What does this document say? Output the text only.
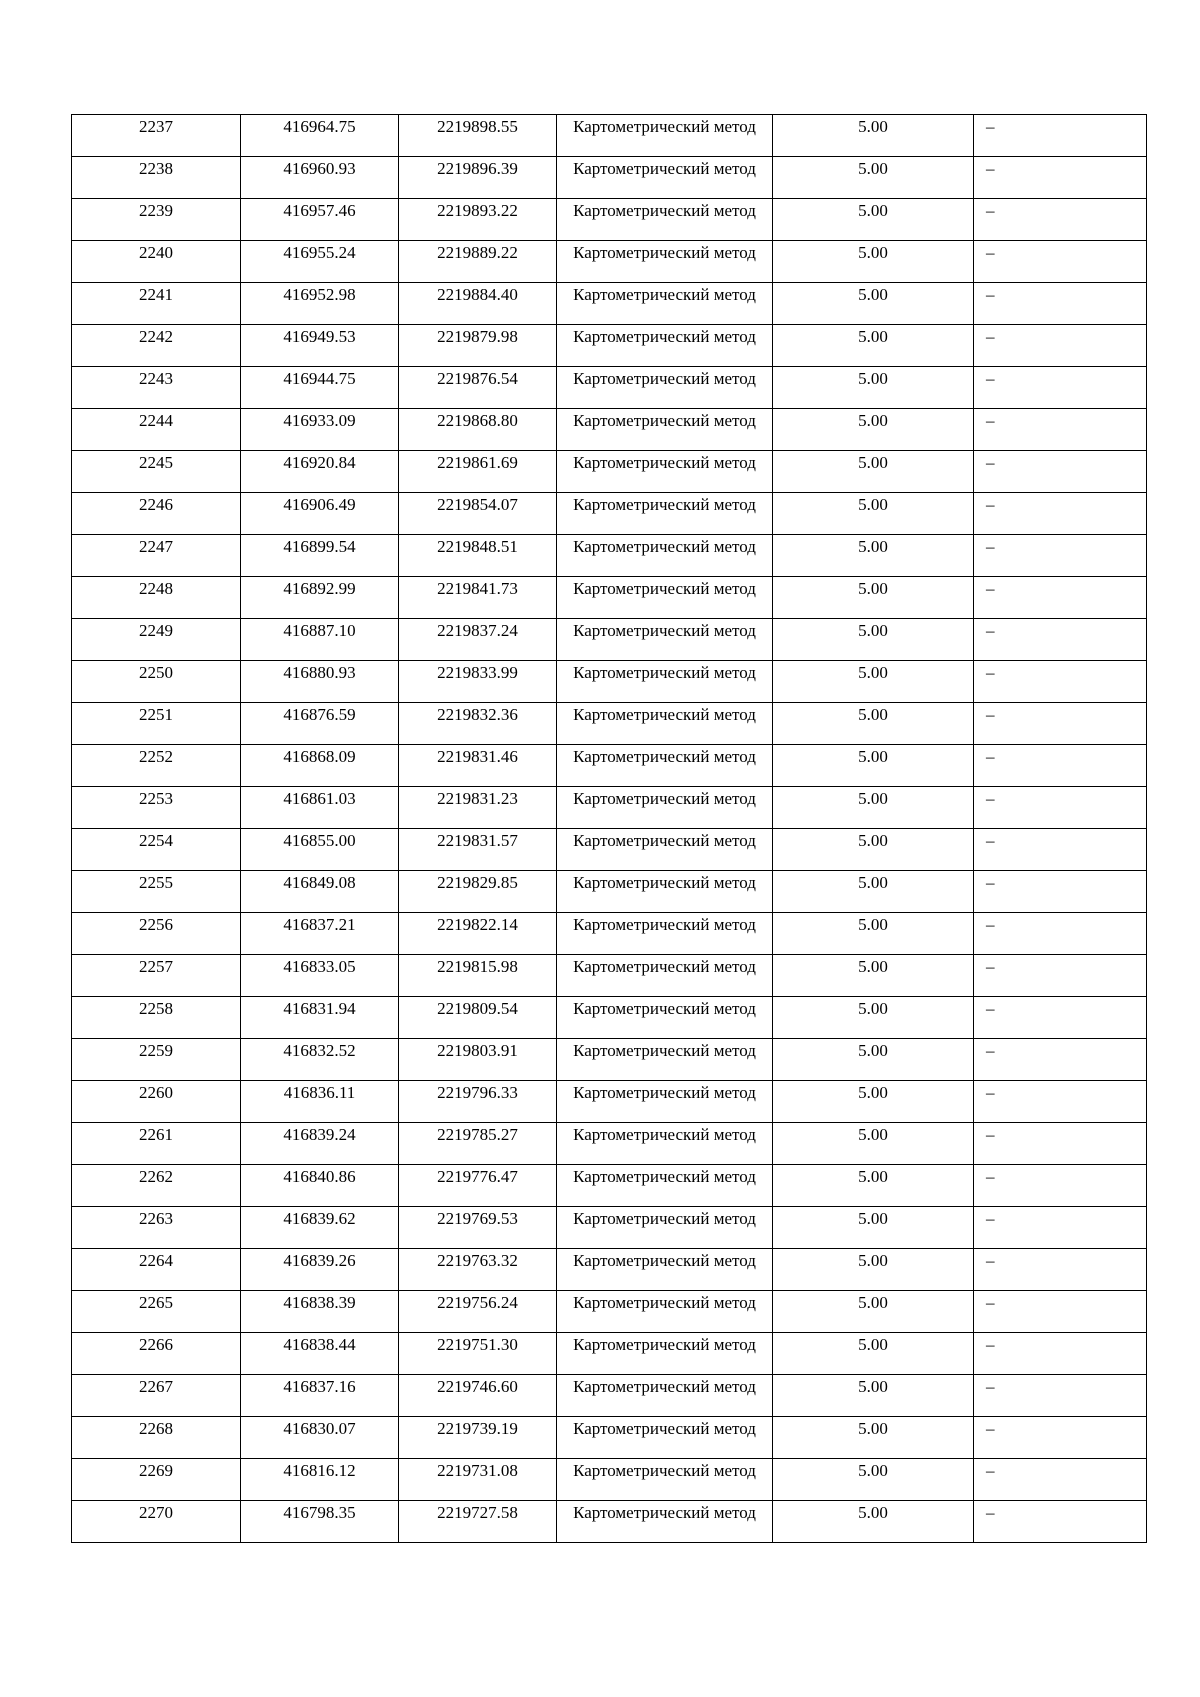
2237	416964.75	2219898.55	Картометрический метод	5.00	–

2238	416960.93	2219896.39	Картометрический метод	5.00	–

2239	416957.46	2219893.22	Картометрический метод	5.00	–

2240	416955.24	2219889.22	Картометрический метод	5.00	–

2241	416952.98	2219884.40	Картометрический метод	5.00	–

2242	416949.53	2219879.98	Картометрический метод	5.00	–

2243	416944.75	2219876.54	Картометрический метод	5.00	–

2244	416933.09	2219868.80	Картометрический метод	5.00	–

2245	416920.84	2219861.69	Картометрический метод	5.00	–

2246	416906.49	2219854.07	Картометрический метод	5.00	–

2247	416899.54	2219848.51	Картометрический метод	5.00	–

2248	416892.99	2219841.73	Картометрический метод	5.00	–

2249	416887.10	2219837.24	Картометрический метод	5.00	–

2250	416880.93	2219833.99	Картометрический метод	5.00	–

2251	416876.59	2219832.36	Картометрический метод	5.00	–

2252	416868.09	2219831.46	Картометрический метод	5.00	–

2253	416861.03	2219831.23	Картометрический метод	5.00	–

2254	416855.00	2219831.57	Картометрический метод	5.00	–

2255	416849.08	2219829.85	Картометрический метод	5.00	–

2256	416837.21	2219822.14	Картометрический метод	5.00	–

2257	416833.05	2219815.98	Картометрический метод	5.00	–

2258	416831.94	2219809.54	Картометрический метод	5.00	–

2259	416832.52	2219803.91	Картометрический метод	5.00	–

2260	416836.11	2219796.33	Картометрический метод	5.00	–

2261	416839.24	2219785.27	Картометрический метод	5.00	–

2262	416840.86	2219776.47	Картометрический метод	5.00	–

2263	416839.62	2219769.53	Картометрический метод	5.00	–

2264	416839.26	2219763.32	Картометрический метод	5.00	–

2265	416838.39	2219756.24	Картометрический метод	5.00	–

2266	416838.44	2219751.30	Картометрический метод	5.00	–

2267	416837.16	2219746.60	Картометрический метод	5.00	–

2268	416830.07	2219739.19	Картометрический метод	5.00	–

2269	416816.12	2219731.08	Картометрический метод	5.00	–

2270	416798.35	2219727.58	Картометрический метод	5.00	–
